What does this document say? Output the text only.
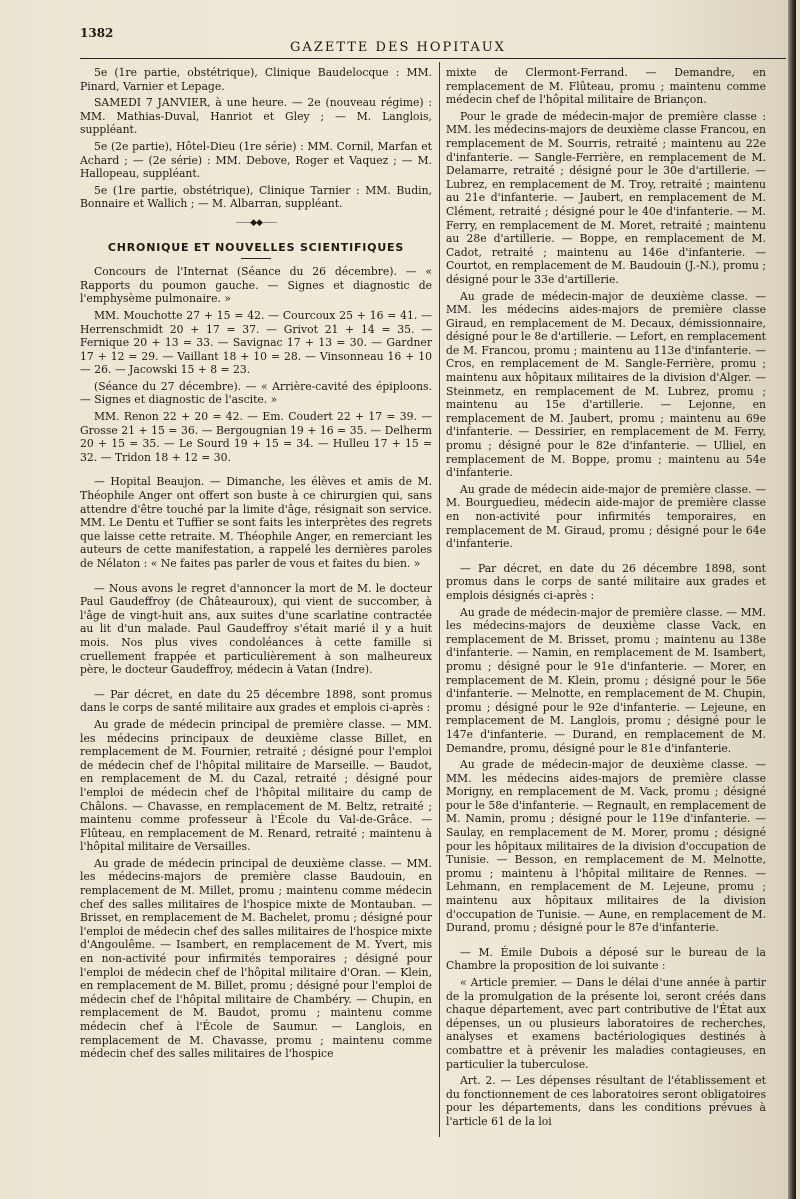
1382
GAZETTE DES HOPITAUX

5e (1re partie, obstétrique), Clinique Baudelocque : MM. Pinard, Varnier et Lepage.

SAMEDI 7 JANVIER, à une heure. — 2e (nouveau régime) : MM. Mathias-Duval, Hanriot et Gley ; — M. Langlois, suppléant.

5e (2e partie), Hôtel-Dieu (1re série) : MM. Cornil, Marfan et Achard ; — (2e série) : MM. Debove, Roger et Vaquez ; — M. Hallopeau, suppléant.

5e (1re partie, obstétrique), Clinique Tarnier : MM. Budin, Bonnaire et Wallich ; — M. Albarran, suppléant.

⸺◆◆⸺
CHRONIQUE ET NOUVELLES SCIENTIFIQUES

Concours de l'Internat (Séance du 26 décembre). — « Rapports du poumon gauche. — Signes et diagnostic de l'emphysème pulmonaire. »

MM. Mouchotte 27 + 15 = 42. — Courcoux 25 + 16 = 41. — Herrenschmidt 20 + 17 = 37. — Grivot 21 + 14 = 35. — Fernique 20 + 13 = 33. — Savignac 17 + 13 = 30. — Gardner 17 + 12 = 29. — Vaillant 18 + 10 = 28. — Vinsonneau 16 + 10 — 26. — Jacowski 15 + 8 = 23.

(Séance du 27 décembre). — « Arrière-cavité des épiploons. — Signes et diagnostic de l'ascite. »

MM. Renon 22 + 20 = 42. — Em. Coudert 22 + 17 = 39. — Grosse 21 + 15 = 36. — Bergougnian 19 + 16 = 35. — Delherm 20 + 15 = 35. — Le Sourd 19 + 15 = 34. — Hulleu 17 + 15 = 32. — Tridon 18 + 12 = 30.

— Hopital Beaujon. — Dimanche, les élèves et amis de M. Théophile Anger ont offert son buste à ce chirurgien qui, sans attendre d'être touché par la limite d'âge, résignait son service. MM. Le Dentu et Tuffier se sont faits les interprètes des regrets que laisse cette retraite. M. Théophile Anger, en remerciant les auteurs de cette manifestation, a rappelé les dernières paroles de Nélaton : « Ne faites pas parler de vous et faites du bien. »

— Nous avons le regret d'annoncer la mort de M. le docteur Paul Gaudeffroy (de Châteauroux), qui vient de succomber, à l'âge de vingt-huit ans, aux suites d'une scarlatine contractée au lit d'un malade. Paul Gaudeffroy s'était marié il y a huit mois. Nos plus vives condoléances à cette famille si cruellement frappée et particulièrement à son malheureux père, le docteur Gaudeffroy, médecin à Vatan (Indre).

— Par décret, en date du 25 décembre 1898, sont promus dans le corps de santé militaire aux grades et emplois ci-après :

Au grade de médecin principal de première classe. — MM. les médecins principaux de deuxième classe Billet, en remplacement de M. Fournier, retraité ; désigné pour l'emploi de médecin chef de l'hôpital militaire de Marseille. — Baudot, en remplacement de M. du Cazal, retraité ; désigné pour l'emploi de médecin chef de l'hôpital militaire du camp de Châlons. — Chavasse, en remplacement de M. Beltz, retraité ; maintenu comme professeur à l'École du Val-de-Grâce. — Flûteau, en remplacement de M. Renard, retraité ; maintenu à l'hôpital militaire de Versailles.

Au grade de médecin principal de deuxième classe. — MM. les médecins-majors de première classe Baudouin, en remplacement de M. Millet, promu ; maintenu comme médecin chef des salles militaires de l'hospice mixte de Montauban. — Brisset, en remplacement de M. Bachelet, promu ; désigné pour l'emploi de médecin chef des salles militaires de l'hospice mixte d'Angoulême. — Isambert, en remplacement de M. Yvert, mis en non-activité pour infirmités temporaires ; désigné pour l'emploi de médecin chef de l'hôpital militaire d'Oran. — Klein, en remplacement de M. Billet, promu ; désigné pour l'emploi de médecin chef de l'hôpital militaire de Chambéry. — Chupin, en remplacement de M. Baudot, promu ; maintenu comme médecin chef à l'École de Saumur. — Langlois, en remplacement de M. Chavasse, promu ; maintenu comme médecin chef des salles militaires de l'hospice

mixte de Clermont-Ferrand. — Demandre, en remplacement de M. Flûteau, promu ; maintenu comme médecin chef de l'hôpital militaire de Briançon.

Pour le grade de médecin-major de première classe : MM. les médecins-majors de deuxième classe Francou, en remplacement de M. Sourris, retraité ; maintenu au 22e d'infanterie. — Sangle-Ferrière, en remplacement de M. Delamarre, retraité ; désigné pour le 30e d'artillerie. — Lubrez, en remplacement de M. Troy, retraité ; maintenu au 21e d'infanterie. — Jaubert, en remplacement de M. Clément, retraité ; désigné pour le 40e d'infanterie. — M. Ferry, en remplacement de M. Moret, retraité ; maintenu au 28e d'artillerie. — Boppe, en remplacement de M. Cadot, retraité ; maintenu au 146e d'infanterie. — Courtot, en remplacement de M. Baudouin (J.-N.), promu ; désigné pour le 33e d'artillerie.

Au grade de médecin-major de deuxième classe. — MM. les médecins aides-majors de première classe Giraud, en remplacement de M. Decaux, démissionnaire, désigné pour le 8e d'artillerie. — Lefort, en remplacement de M. Francou, promu ; maintenu au 113e d'infanterie. — Cros, en remplacement de M. Sangle-Ferrière, promu ; maintenu aux hôpitaux militaires de la division d'Alger. — Steinmetz, en remplacement de M. Lubrez, promu ; maintenu au 15e d'artillerie. — Lejonne, en remplacement de M. Jaubert, promu ; maintenu au 69e d'infanterie. — Dessirier, en remplacement de M. Ferry, promu ; désigné pour le 82e d'infanterie. — Ulliel, en remplacement de M. Boppe, promu ; maintenu au 54e d'infanterie.

Au grade de médecin aide-major de première classe. — M. Bourguedieu, médecin aide-major de première classe en non-activité pour infirmités temporaires, en remplacement de M. Giraud, promu ; désigné pour le 64e d'infanterie.

— Par décret, en date du 26 décembre 1898, sont promus dans le corps de santé militaire aux grades et emplois désignés ci-après :

Au grade de médecin-major de première classe. — MM. les médecins-majors de deuxième classe Vack, en remplacement de M. Brisset, promu ; maintenu au 138e d'infanterie. — Namin, en remplacement de M. Isambert, promu ; désigné pour le 91e d'infanterie. — Morer, en remplacement de M. Klein, promu ; désigné pour le 56e d'infanterie. — Melnotte, en remplacement de M. Chupin, promu ; désigné pour le 92e d'infanterie. — Lejeune, en remplacement de M. Langlois, promu ; désigné pour le 147e d'infanterie. — Durand, en remplacement de M. Demandre, promu, désigné pour le 81e d'infanterie.

Au grade de médecin-major de deuxième classe. — MM. les médecins aides-majors de première classe Morigny, en remplacement de M. Vack, promu ; désigné pour le 58e d'infanterie. — Regnault, en remplacement de M. Namin, promu ; désigné pour le 119e d'infanterie. — Saulay, en remplacement de M. Morer, promu ; désigné pour les hôpitaux militaires de la division d'occupation de Tunisie. — Besson, en remplacement de M. Melnotte, promu ; maintenu à l'hôpital militaire de Rennes. — Lehmann, en remplacement de M. Lejeune, promu ; maintenu aux hôpitaux militaires de la division d'occupation de Tunisie. — Aune, en remplacement de M. Durand, promu ; désigné pour le 87e d'infanterie.

— M. Émile Dubois a déposé sur le bureau de la Chambre la proposition de loi suivante :

« Article premier. — Dans le délai d'une année à partir de la promulgation de la présente loi, seront créés dans chaque département, avec part contributive de l'État aux dépenses, un ou plusieurs laboratoires de recherches, analyses et examens bactériologiques destinés à combattre et à prévenir les maladies contagieuses, en particulier la tuberculose.

Art. 2. — Les dépenses résultant de l'établissement et du fonctionnement de ces laboratoires seront obligatoires pour les départements, dans les conditions prévues à l'article 61 de la loi
